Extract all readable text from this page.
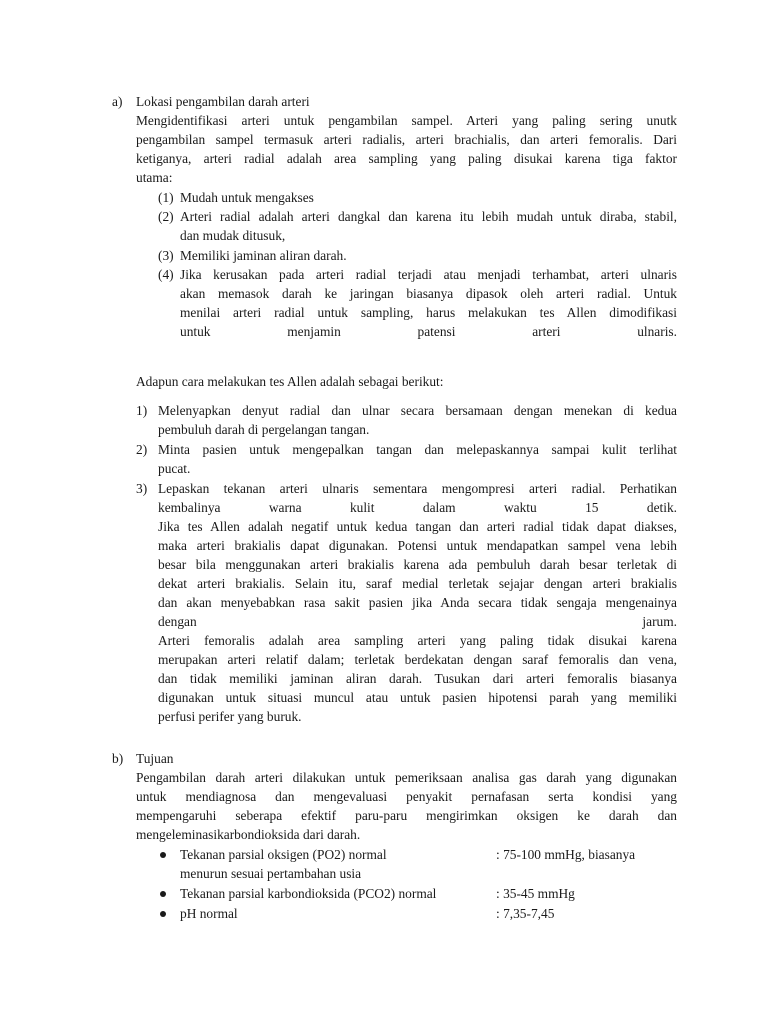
a) Lokasi pengambilan darah arteri
Mengidentifikasi arteri untuk pengambilan sampel. Arteri yang paling sering unutk
pengambilan sampel termasuk arteri radialis, arteri brachialis, dan arteri femoralis. Dari
ketiganya, arteri radial adalah area sampling yang paling disukai karena tiga faktor
utama:
(1) Mudah untuk mengakses
(2) Arteri radial adalah arteri dangkal dan karena itu lebih mudah untuk diraba, stabil,
dan mudak ditusuk,
(3) Memiliki jaminan aliran darah.
(4) Jika kerusakan pada arteri radial terjadi atau menjadi terhambat, arteri ulnaris
akan memasok darah ke jaringan biasanya dipasok oleh arteri radial. Untuk
menilai arteri radial untuk sampling, harus melakukan tes Allen dimodifikasi
untuk menjamin patensi arteri ulnaris.
Adapun cara melakukan tes Allen adalah sebagai berikut:
1) Melenyapkan denyut radial dan ulnar secara bersamaan dengan menekan di kedua
pembuluh darah di pergelangan tangan.
2) Minta pasien untuk mengepalkan tangan dan melepaskannya sampai kulit terlihat
pucat.
3) Lepaskan tekanan arteri ulnaris sementara mengompresi arteri radial. Perhatikan
kembalinya warna kulit dalam waktu 15 detik.
Jika tes Allen adalah negatif untuk kedua tangan dan arteri radial tidak dapat diakses,
maka arteri brakialis dapat digunakan. Potensi untuk mendapatkan sampel vena lebih
besar bila menggunakan arteri brakialis karena ada pembuluh darah besar terletak di
dekat arteri brakialis. Selain itu, saraf medial terletak sejajar dengan arteri brakialis
dan akan menyebabkan rasa sakit pasien jika Anda secara tidak sengaja mengenainya
dengan jarum.
Arteri femoralis adalah area sampling arteri yang paling tidak disukai karena
merupakan arteri relatif dalam; terletak berdekatan dengan saraf femoralis dan vena,
dan tidak memiliki jaminan aliran darah. Tusukan dari arteri femoralis biasanya
digunakan untuk situasi muncul atau untuk pasien hipotensi parah yang memiliki
perfusi perifer yang buruk.
b) Tujuan
Pengambilan darah arteri dilakukan untuk pemeriksaan analisa gas darah yang digunakan
untuk mendiagnosa dan mengevaluasi penyakit pernafasan serta kondisi yang
mempengaruhi seberapa efektif paru-paru mengirimkan oksigen ke darah dan
mengeleminasikarbondioksida dari darah.
Tekanan parsial oksigen (PO2) normal	: 75-100 mmHg, biasanya
menurun sesuai pertambahan usia
Tekanan parsial karbondioksida (PCO2) normal	: 35-45 mmHg
pH normal	: 7,35-7,45
